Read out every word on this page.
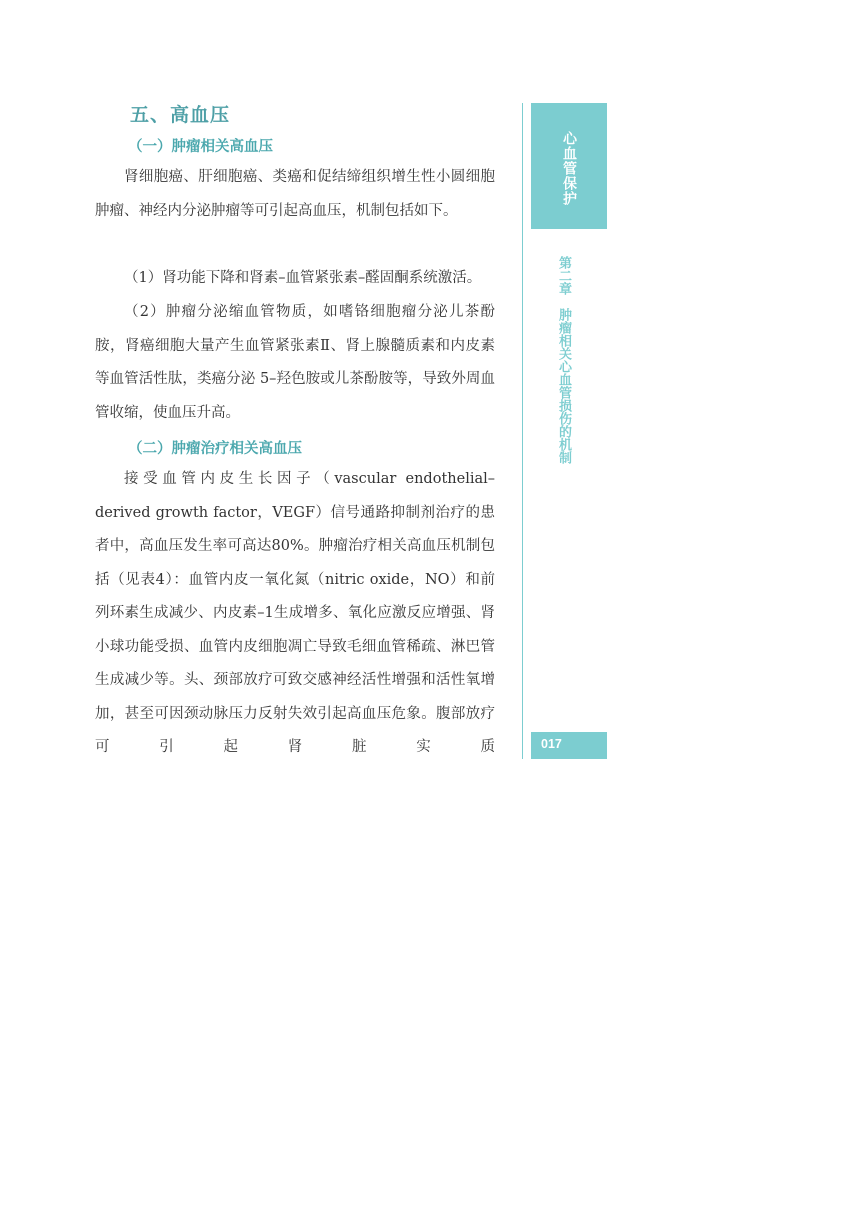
五、高血压
（一）肿瘤相关高血压

肾细胞癌、肝细胞癌、类癌和促结缔组织增生性小圆细胞肿瘤、神经内分泌肿瘤等可引起高血压，机制包括如下。

（1）肾功能下降和肾素–血管紧张素–醛固酮系统激活。

（2）肿瘤分泌缩血管物质，如嗜铬细胞瘤分泌儿茶酚胺，肾癌细胞大量产生血管紧张素Ⅱ、肾上腺髓质素和内皮素等血管活性肽，类癌分泌 5–羟色胺或儿茶酚胺等，导致外周血管收缩，使血压升高。

（二）肿瘤治疗相关高血压

接受血管内皮生长因子（vascular endothelial–derived growth factor，VEGF）信号通路抑制剂治疗的患者中，高血压发生率可高达80%。肿瘤治疗相关高血压机制包括（见表4）：血管内皮一氧化氮（nitric oxide，NO）和前列环素生成减少、内皮素–1生成增多、氧化应激反应增强、肾小球功能受损、血管内皮细胞凋亡导致毛细血管稀疏、淋巴管生成减少等。头、颈部放疗可致交感神经活性增强和活性氧增加，甚至可因颈动脉压力反射失效引起高血压危象。腹部放疗可引起肾脏实质

心血管保护
第二章　肿瘤相关心血管损伤的机制
017
